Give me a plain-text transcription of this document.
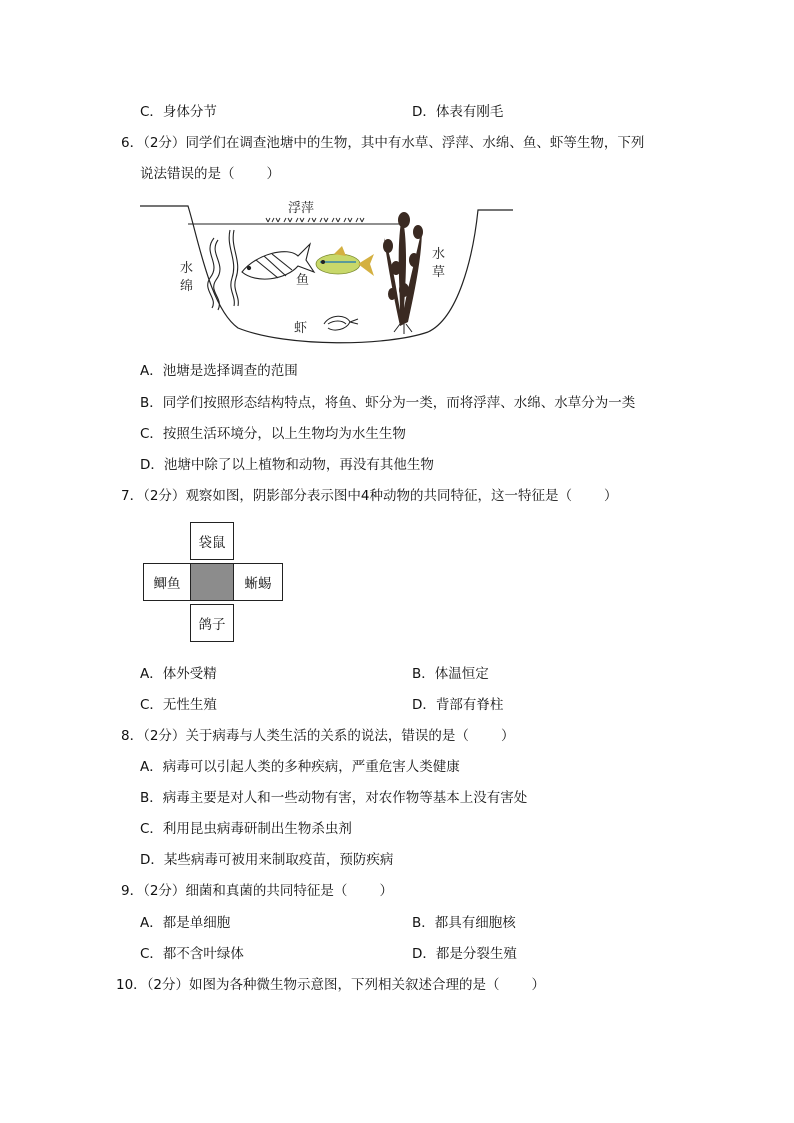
C．身体分节	D．体表有刚毛
6．（2分）同学们在调查池塘中的生物，其中有水草、浮萍、水绵、鱼、虾等生物，下列
说法错误的是（ ）
浮萍
水
绵	鱼
虾
水
草
A．池塘是选择调查的范围
B．同学们按照形态结构特点，将鱼、虾分为一类，而将浮萍、水绵、水草分为一类
C．按照生活环境分，以上生物均为水生生物
D．池塘中除了以上植物和动物，再没有其他生物
7．（2分）观察如图，阴影部分表示图中4种动物的共同特征，这一特征是（ ）
袋鼠
鲫鱼	蜥蜴
鸽子
A．体外受精	B．体温恒定
C．无性生殖	D．背部有脊柱
8．（2分）关于病毒与人类生活的关系的说法，错误的是（ ）
A．病毒可以引起人类的多种疾病，严重危害人类健康
B．病毒主要是对人和一些动物有害，对农作物等基本上没有害处
C．利用昆虫病毒研制出生物杀虫剂
D．某些病毒可被用来制取疫苗，预防疾病
9．（2分）细菌和真菌的共同特征是（ ）
A．都是单细胞	B．都具有细胞核
C．都不含叶绿体	D．都是分裂生殖
10．（2分）如图为各种微生物示意图，下列相关叙述合理的是（ ）
